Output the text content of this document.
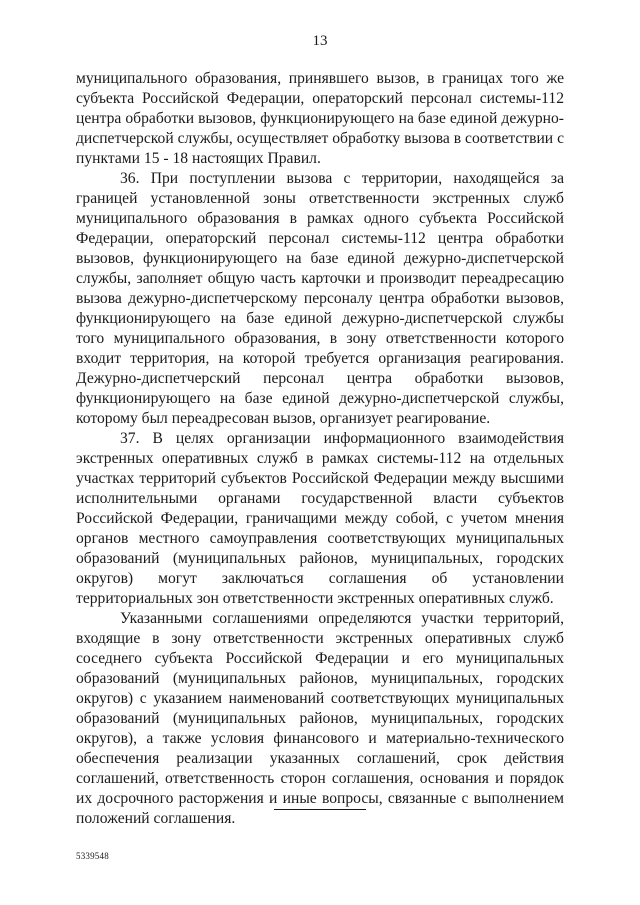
13

муниципального образования, принявшего вызов, в границах того же субъекта Российской Федерации, операторский персонал системы-112 центра обработки вызовов, функционирующего на базе единой дежурно-диспетчерской службы, осуществляет обработку вызова в соответствии с пунктами 15 - 18 настоящих Правил.

36. При поступлении вызова с территории, находящейся за границей установленной зоны ответственности экстренных служб муниципального образования в рамках одного субъекта Российской Федерации, операторский персонал системы-112 центра обработки вызовов, функционирующего на базе единой дежурно-диспетчерской службы, заполняет общую часть карточки и производит переадресацию вызова дежурно-диспетчерскому персоналу центра обработки вызовов, функционирующего на базе единой дежурно-диспетчерской службы того муниципального образования, в зону ответственности которого входит территория, на которой требуется организация реагирования. Дежурно-диспетчерский персонал центра обработки вызовов, функционирующего на базе единой дежурно-диспетчерской службы, которому был переадресован вызов, организует реагирование.

37. В целях организации информационного взаимодействия экстренных оперативных служб в рамках системы-112 на отдельных участках территорий субъектов Российской Федерации между высшими исполнительными органами государственной власти субъектов Российской Федерации, граничащими между собой, с учетом мнения органов местного самоуправления соответствующих муниципальных образований (муниципальных районов, муниципальных, городских округов) могут заключаться соглашения об установлении территориальных зон ответственности экстренных оперативных служб.

Указанными соглашениями определяются участки территорий, входящие в зону ответственности экстренных оперативных служб соседнего субъекта Российской Федерации и его муниципальных образований (муниципальных районов, муниципальных, городских округов) с указанием наименований соответствующих муниципальных образований (муниципальных районов, муниципальных, городских округов), а также условия финансового и материально-технического обеспечения реализации указанных соглашений, срок действия соглашений, ответственность сторон соглашения, основания и порядок их досрочного расторжения и иные вопросы, связанные с выполнением положений соглашения.

5339548
